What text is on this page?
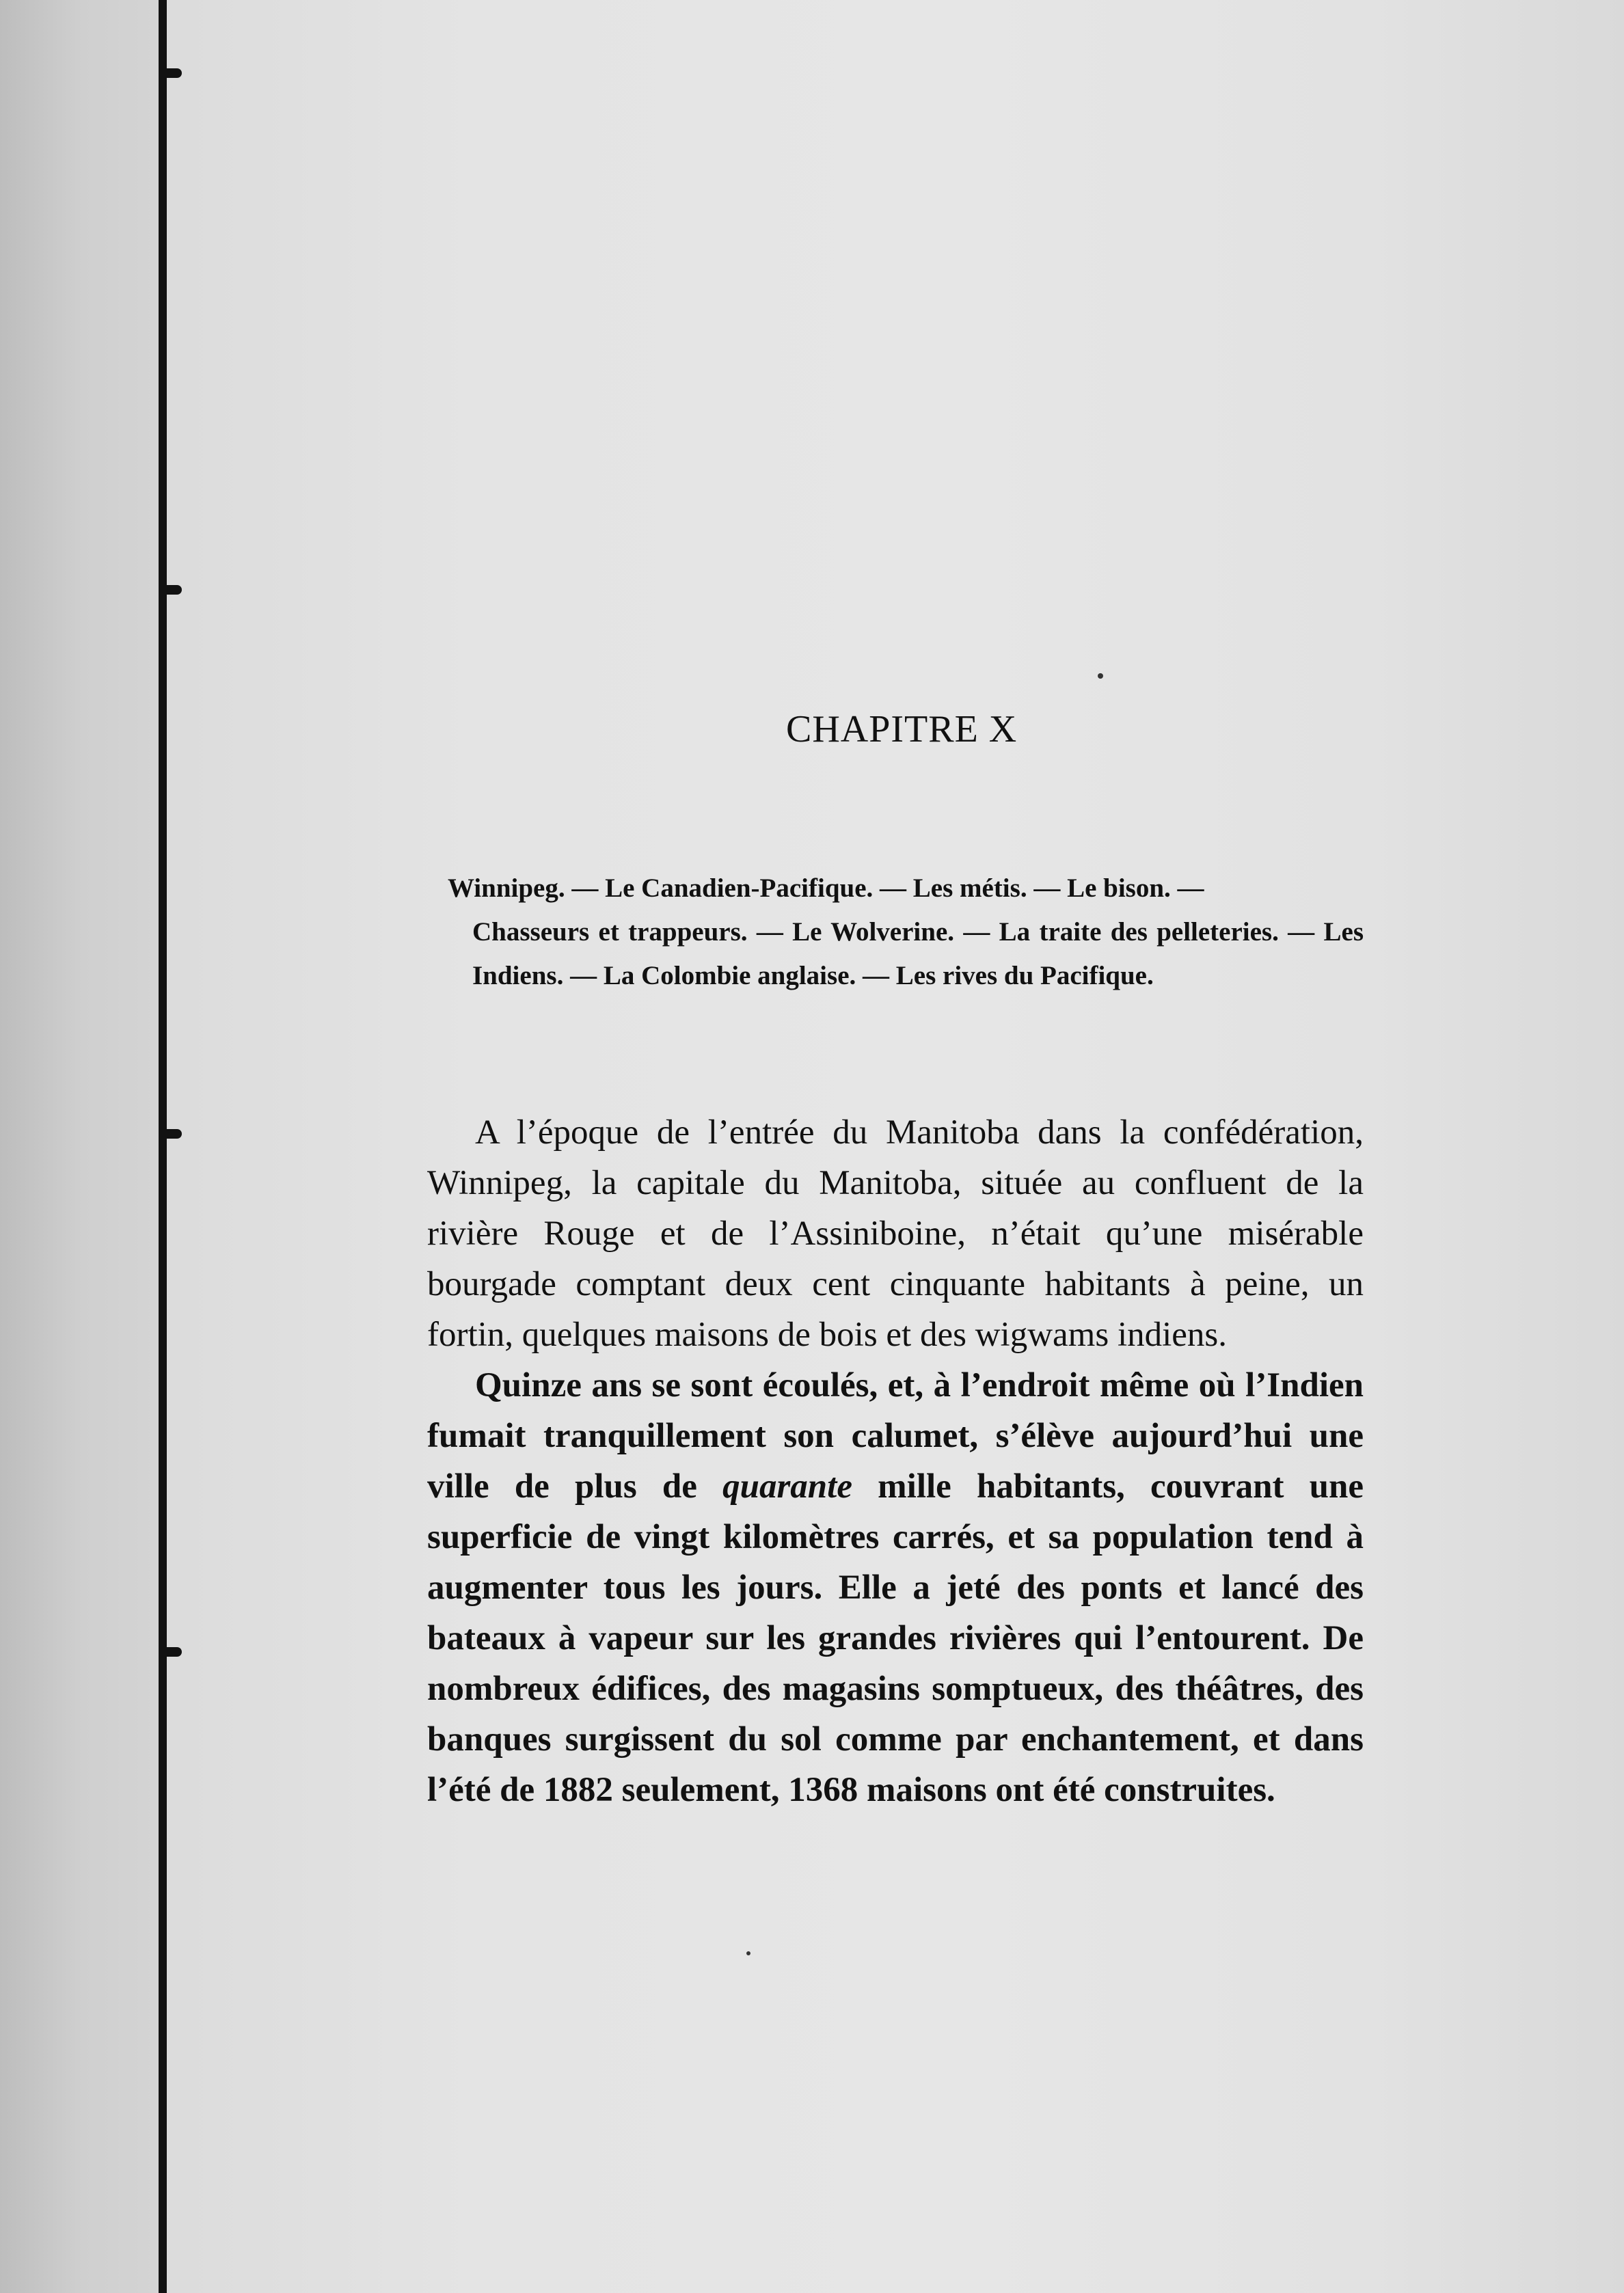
CHAPITRE X
Winnipeg. — Le Canadien-Pacifique. — Les métis. — Le bison. —
Chasseurs et trappeurs. — Le Wolverine. — La traite des pelleteries. — Les Indiens. — La Colombie anglaise. — Les rives du Pacifique.

A l’époque de l’entrée du Manitoba dans la confédération, Winnipeg, la capitale du Manitoba, située au confluent de la rivière Rouge et de l’Assiniboine, n’était qu’une misérable bourgade comptant deux cent cinquante habitants à peine, un fortin, quelques maisons de bois et des wigwams indiens.

Quinze ans se sont écoulés, et, à l’endroit même où l’Indien fumait tranquillement son calumet, s’élève aujourd’hui une ville de plus de quarante mille habitants, couvrant une superficie de vingt kilomètres carrés, et sa population tend à augmenter tous les jours. Elle a jeté des ponts et lancé des bateaux à vapeur sur les grandes rivières qui l’entourent. De nombreux édifices, des magasins somptueux, des théâtres, des banques surgissent du sol comme par enchantement, et dans l’été de 1882 seulement, 1368 maisons ont été construites.
